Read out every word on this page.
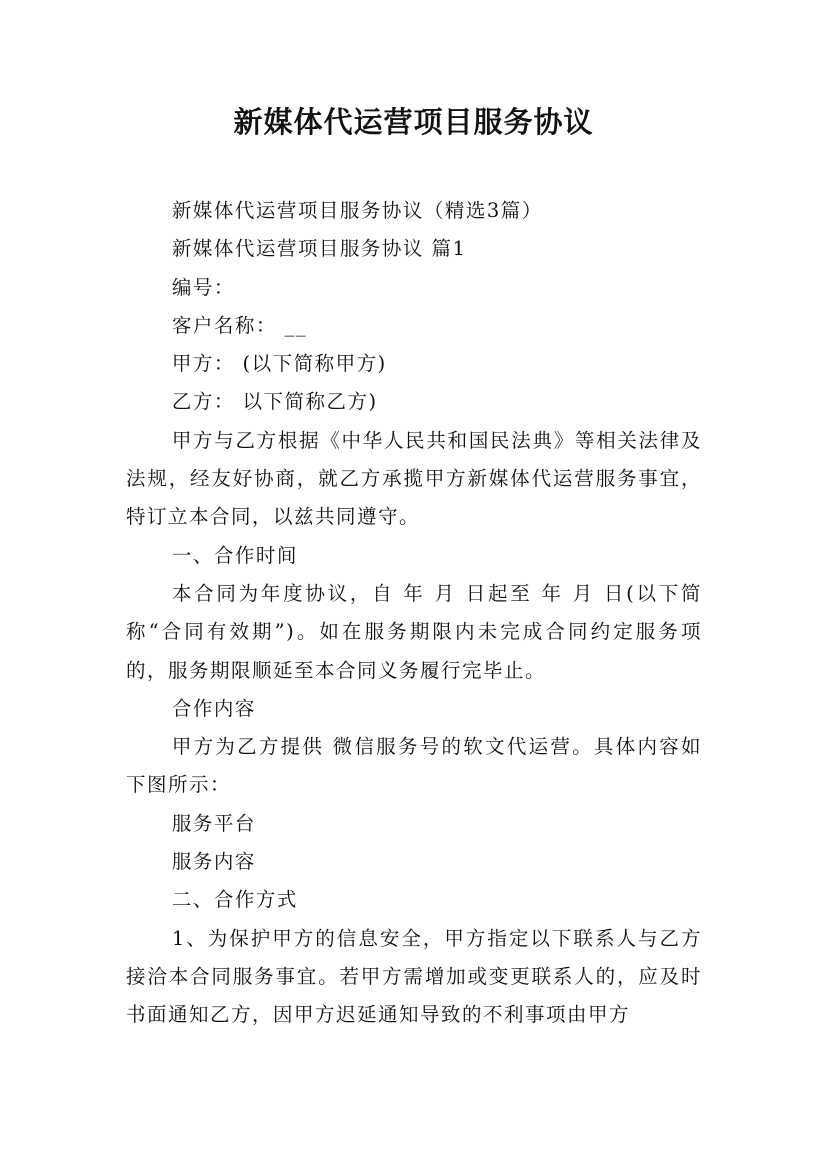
新媒体代运营项目服务协议

新媒体代运营项目服务协议（精选3篇）

新媒体代运营项目服务协议 篇1

编号：

客户名称： __

甲方： (以下简称甲方)

乙方： 以下简称乙方)

甲方与乙方根据《中华人民共和国民法典》等相关法律及法规，经友好协商，就乙方承揽甲方新媒体代运营服务事宜，特订立本合同，以兹共同遵守。

一、合作时间

本合同为年度协议，自 年 月 日起至 年 月 日(以下简称“合同有效期”)。如在服务期限内未完成合同约定服务项的，服务期限顺延至本合同义务履行完毕止。

合作内容

甲方为乙方提供 微信服务号的软文代运营。具体内容如下图所示：

服务平台

服务内容

二、合作方式

1、为保护甲方的信息安全，甲方指定以下联系人与乙方接洽本合同服务事宜。若甲方需增加或变更联系人的，应及时书面通知乙方，因甲方迟延通知导致的不利事项由甲方
